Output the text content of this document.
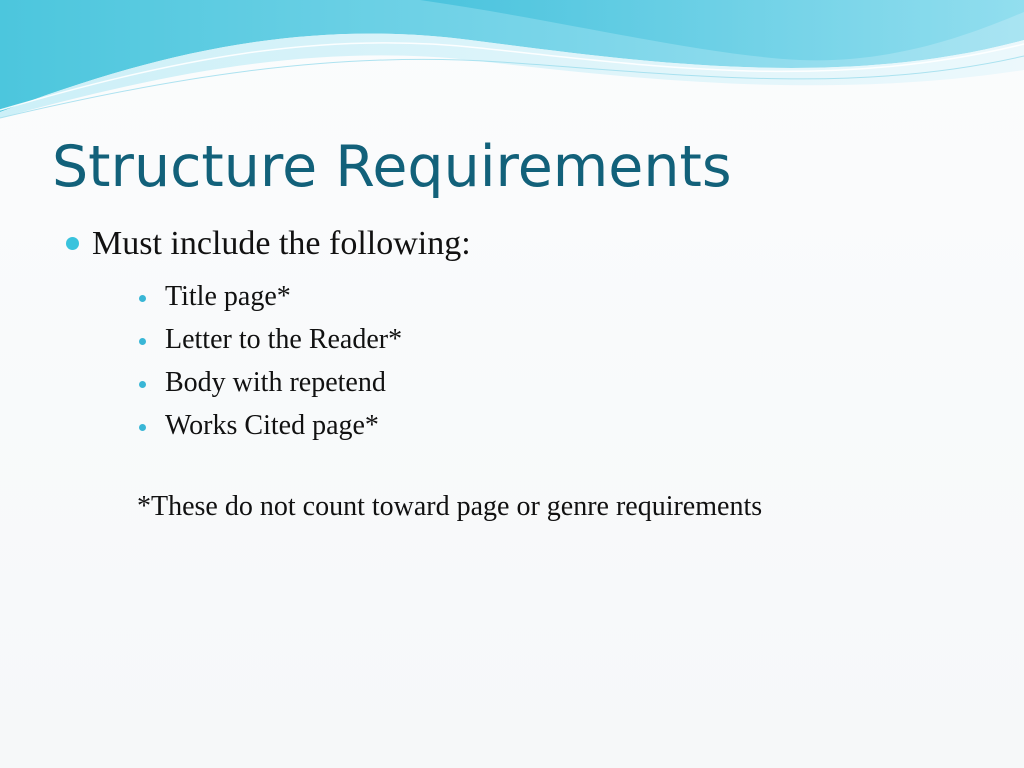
Structure Requirements
Must include the following:
Title page*
Letter to the Reader*
Body with repetend
Works Cited page*
*These do not count toward page or genre requirements
